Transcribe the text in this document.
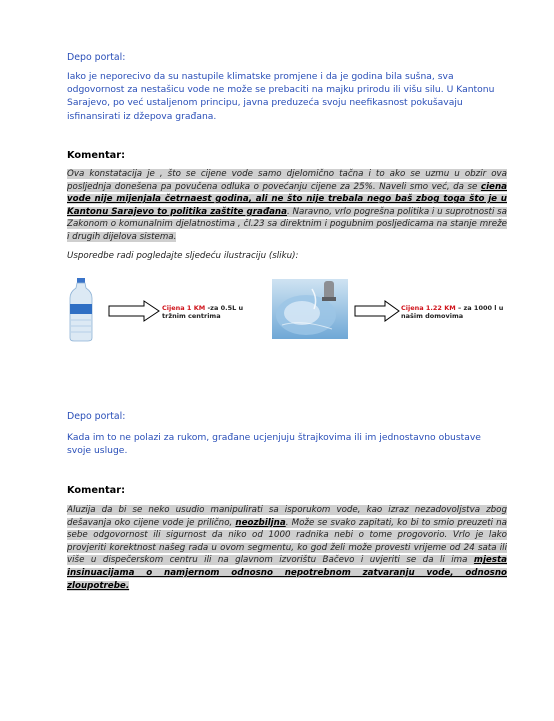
Depo portal:
Iako je neporecivo da su nastupile klimatske promjene i da je godina bila sušna, sva odgovornost za nestašicu vode ne može se prebaciti na majku prirodu ili višu silu. U Kantonu Sarajevo, po već ustaljenom principu, javna preduzeća svoju neefikasnost pokušavaju isfinansirati iz džepova građana.
Komentar:
Ova konstatacija je , što se cijene vode samo djelomično tačna i to ako se uzmu u obzir ova posljednja donešena pa povučena odluka o povećanju cijene za 25%. Naveli smo već, da se ciena vode nije mijenjala četrnaest godina, ali ne što nije trebala nego baš zbog toga što je u Kantonu Sarajevo to politika zaštite građana. Naravno, vrlo pogrešna politika i u suprotnosti sa Zakonom o komunalnim djelatnostima , čl.23 sa direktnim i pogubnim posljedicama na stanje mreže i drugih dijelova sistema.
Usporedbe radi pogledajte sljedeću ilustraciju (sliku):
Cijena 1 KM -za 0.5L u tržnim centrima
Cijena 1.22 KM – za 1000 l u našim domovima
Depo portal:
Kada im to ne polazi za rukom, građane ucjenjuju štrajkovima ili im jednostavno obustave svoje usluge.
Komentar:
Aluzija da bi se neko usudio manipulirati sa isporukom vode, kao izraz nezadovoljstva zbog dešavanja oko cijene vode je prilično, neozbiljna. Može se svako zapitati, ko bi to smio preuzeti na sebe odgovornost ili sigurnost da niko od 1000 radnika nebi o tome progovorio. Vrlo je lako provjeriti korektnost našeg rada u ovom segmentu, ko god želi može provesti vrijeme od 24 sata ili više u dispečerskom centru ili na glavnom izvorištu Bačevo i uvjeriti se da li ima mjesta insinuacijama o namjernom odnosno nepotrebnom zatvaranju vode, odnosno zloupotrebe.
